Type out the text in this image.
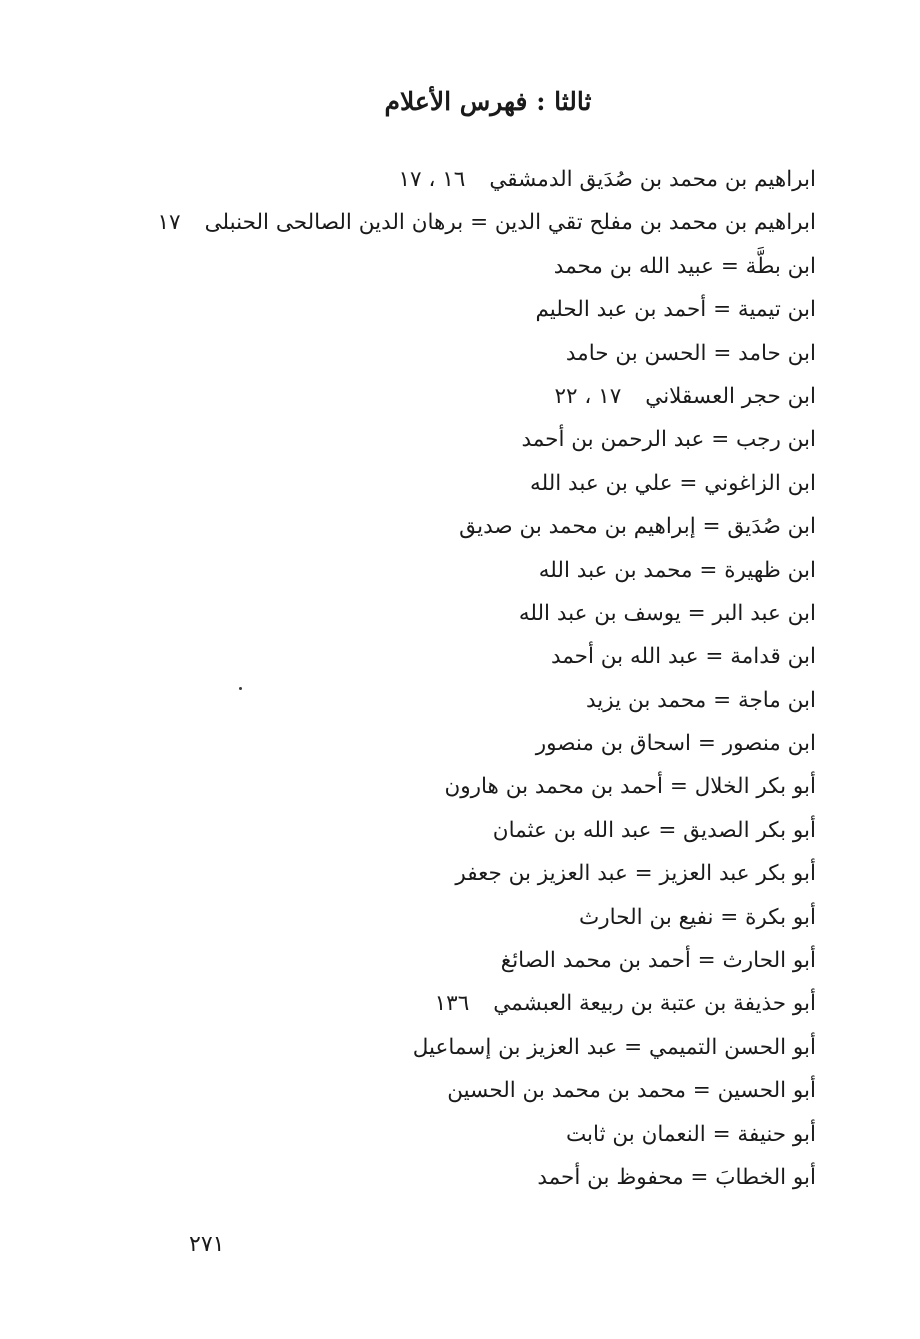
ثالثا : فهرس الأعلام
ابراهيم بن محمد بن صُدَيق الدمشقي١٦ ، ١٧
ابراهيم بن محمد بن مفلح تقي الدين = برهان الدين الصالحى الحنبلى١٧
ابن بطَّة = عبيد الله بن محمد
ابن تيمية = أحمد بن عبد الحليم
ابن حامد = الحسن بن حامد
ابن حجر العسقلاني١٧ ، ٢٢
ابن رجب = عبد الرحمن بن أحمد
ابن الزاغوني = علي بن عبد الله
ابن صُدَيق = إبراهيم بن محمد بن صديق
ابن ظهيرة = محمد بن عبد الله
ابن عبد البر = يوسف بن عبد الله
ابن قدامة = عبد الله بن أحمد
ابن ماجة = محمد بن يزيد
ابن منصور = اسحاق بن منصور
أبو بكر الخلال = أحمد بن محمد بن هارون
أبو بكر الصديق = عبد الله بن عثمان
أبو بكر عبد العزيز = عبد العزيز بن جعفر
أبو بكرة = نفيع بن الحارث
أبو الحارث = أحمد بن محمد الصائغ
أبو حذيفة بن عتبة بن ربيعة العبشمي١٣٦
أبو الحسن التميمي = عبد العزيز بن إسماعيل
أبو الحسين = محمد بن محمد بن الحسين
أبو حنيفة = النعمان بن ثابت
أبو الخطابَ = محفوظ بن أحمد
٢٧١
